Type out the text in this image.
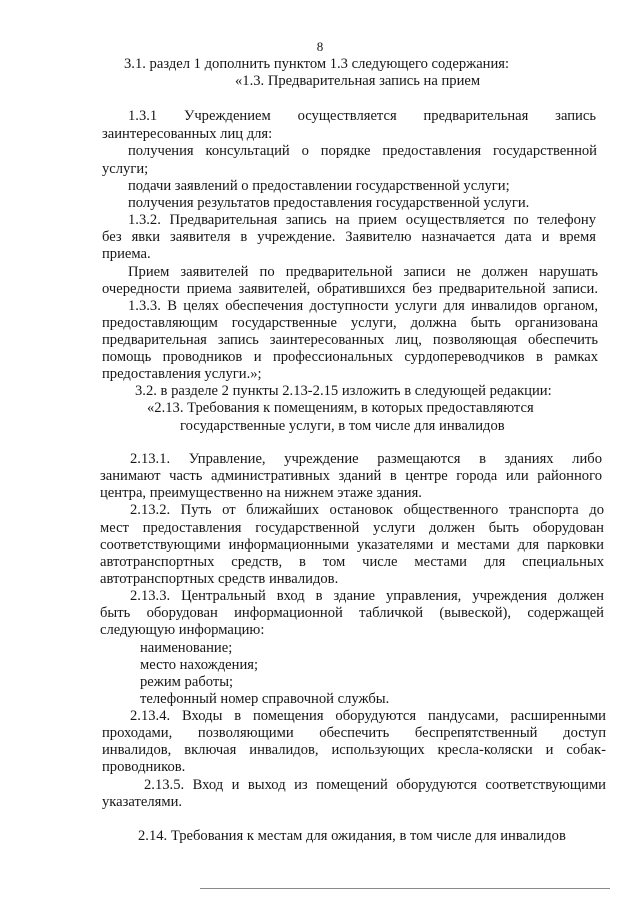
8
3.1. раздел 1 дополнить пунктом 1.3 следующего содержания:
«1.3. Предварительная запись на прием
1.3.1 Учреждением осуществляется предварительная запись
заинтересованных лиц для:
получения консультаций о порядке предоставления государственной
услуги;
подачи заявлений о предоставлении государственной услуги;
получения результатов предоставления государственной услуги.
1.3.2. Предварительная запись на прием осуществляется по телефону
без явки заявителя в учреждение. Заявителю назначается дата и время
приема.
Прием заявителей по предварительной записи не должен нарушать
очередности приема заявителей, обратившихся без предварительной записи.
1.3.3. В целях обеспечения доступности услуги для инвалидов органом,
предоставляющим государственные услуги, должна быть организована
предварительная запись заинтересованных лиц, позволяющая обеспечить
помощь проводников и профессиональных сурдопереводчиков в рамках
предоставления услуги.»;
3.2. в разделе 2 пункты 2.13-2.15 изложить в следующей редакции:
«2.13. Требования к помещениям, в которых предоставляются
государственные услуги, в том числе для инвалидов
2.13.1. Управление, учреждение размещаются в зданиях либо
занимают часть административных зданий в центре города или районного
центра, преимущественно на нижнем этаже здания.
2.13.2. Путь от ближайших остановок общественного транспорта до
мест предоставления государственной услуги должен быть оборудован
соответствующими информационными указателями и местами для парковки
автотранспортных средств, в том числе местами для специальных
автотранспортных средств инвалидов.
2.13.3. Центральный вход в здание управления, учреждения должен
быть оборудован информационной табличкой (вывеской), содержащей
следующую информацию:
наименование;
место нахождения;
режим работы;
телефонный номер справочной службы.
2.13.4. Входы в помещения оборудуются пандусами, расширенными
проходами, позволяющими обеспечить беспрепятственный доступ
инвалидов, включая инвалидов, использующих кресла-коляски и собак-
проводников.
2.13.5. Вход и выход из помещений оборудуются соответствующими
указателями.
2.14. Требования к местам для ожидания, в том числе для инвалидов
